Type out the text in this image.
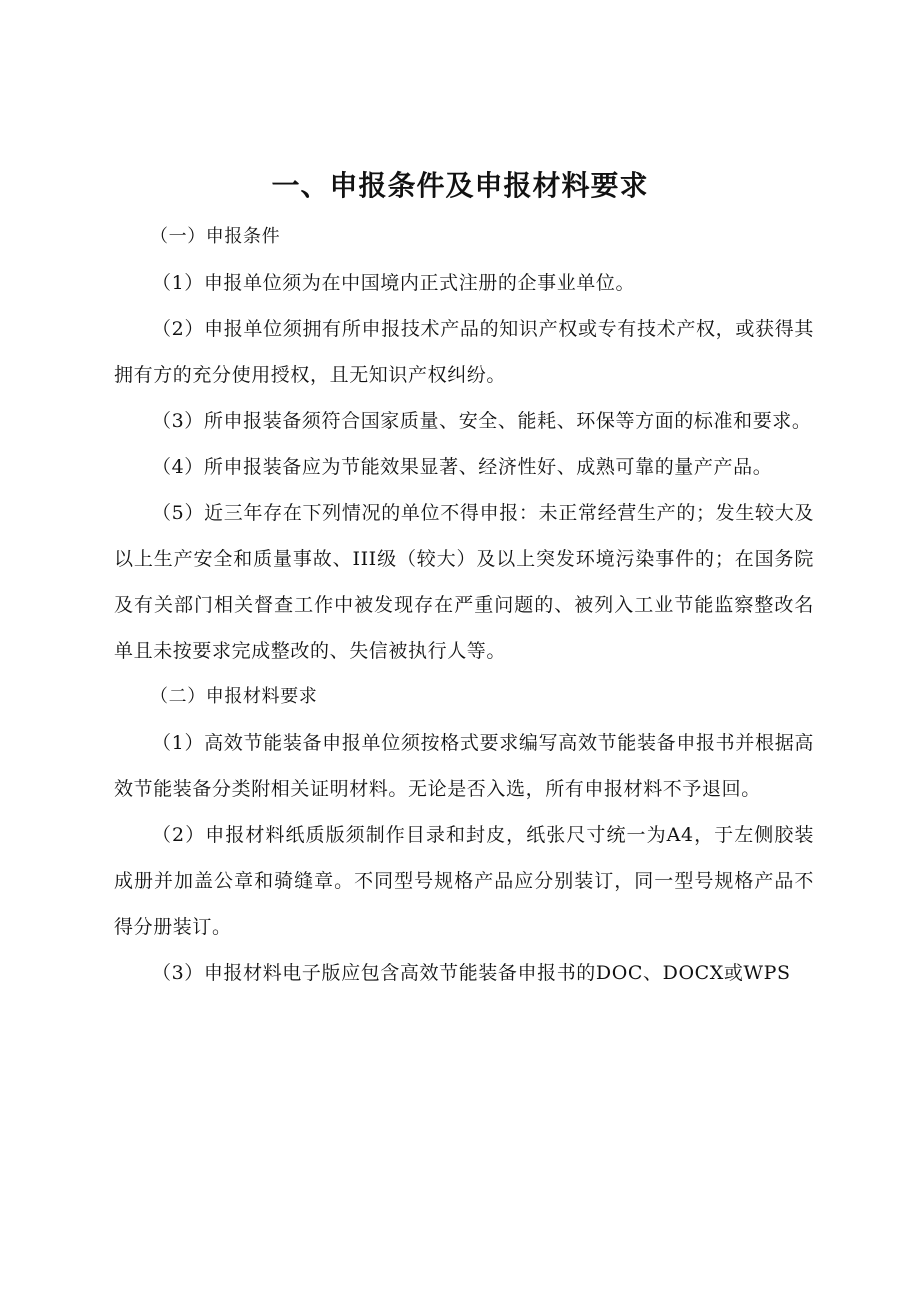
一、申报条件及申报材料要求

（一）申报条件

（1）申报单位须为在中国境内正式注册的企事业单位。

（2）申报单位须拥有所申报技术产品的知识产权或专有技术产权，或获得其拥有方的充分使用授权，且无知识产权纠纷。

（3）所申报装备须符合国家质量、安全、能耗、环保等方面的标准和要求。

（4）所申报装备应为节能效果显著、经济性好、成熟可靠的量产产品。

（5）近三年存在下列情况的单位不得申报：未正常经营生产的；发生较大及以上生产安全和质量事故、III级（较大）及以上突发环境污染事件的；在国务院及有关部门相关督查工作中被发现存在严重问题的、被列入工业节能监察整改名单且未按要求完成整改的、失信被执行人等。

（二）申报材料要求

（1）高效节能装备申报单位须按格式要求编写高效节能装备申报书并根据高效节能装备分类附相关证明材料。无论是否入选，所有申报材料不予退回。

（2）申报材料纸质版须制作目录和封皮，纸张尺寸统一为A4，于左侧胶装成册并加盖公章和骑缝章。不同型号规格产品应分别装订，同一型号规格产品不得分册装订。

（3）申报材料电子版应包含高效节能装备申报书的DOC、DOCX或WPS
